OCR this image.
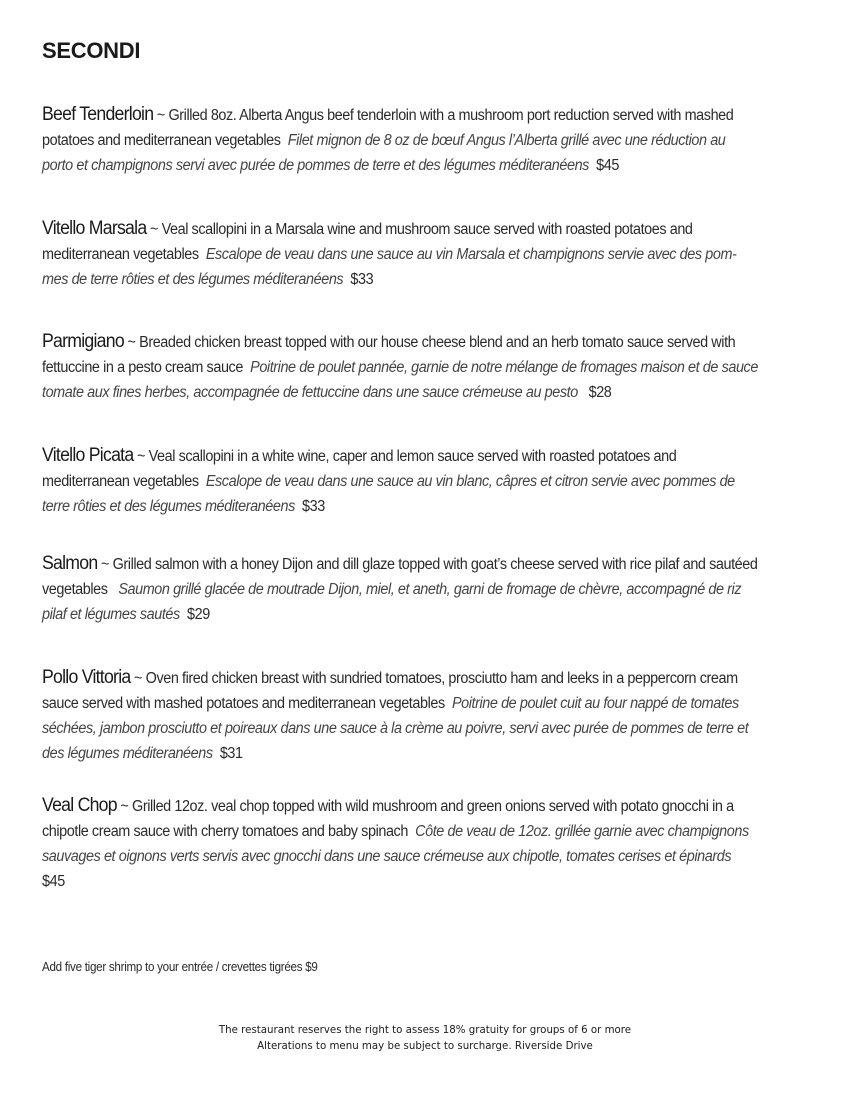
SECONDI

Beef Tenderloin ~ Grilled 8oz. Alberta Angus beef tenderloin with a mushroom port reduction served with mashed potatoes and mediterranean vegetables Filet mignon de 8 oz de bœuf Angus l’Alberta grillé avec une réduction au porto et champignons servi avec purée de pommes de terre et des légumes méditeranéens $45

Vitello Marsala ~ Veal scallopini in a Marsala wine and mushroom sauce served with roasted potatoes and mediterranean vegetables Escalope de veau dans une sauce au vin Marsala et champignons servie avec des pom-mes de terre rôties et des légumes méditeranéens $33

Parmigiano ~ Breaded chicken breast topped with our house cheese blend and an herb tomato sauce served with fettuccine in a pesto cream sauce Poitrine de poulet pannée, garnie de notre mélange de fromages maison et de sauce tomate aux fines herbes, accompagnée de fettuccine dans une sauce crémeuse au pesto $28

Vitello Picata ~ Veal scallopini in a white wine, caper and lemon sauce served with roasted potatoes and mediterranean vegetables Escalope de veau dans une sauce au vin blanc, câpres et citron servie avec pommes de terre rôties et des légumes méditeranéens $33

Salmon ~ Grilled salmon with a honey Dijon and dill glaze topped with goat’s cheese served with rice pilaf and sautéed vegetables Saumon grillé glacée de moutrade Dijon, miel, et aneth, garni de fromage de chèvre, accompagné de riz pilaf et légumes sautés $29

Pollo Vittoria ~ Oven fired chicken breast with sundried tomatoes, prosciutto ham and leeks in a peppercorn cream sauce served with mashed potatoes and mediterranean vegetables Poitrine de poulet cuit au four nappé de tomates séchées, jambon prosciutto et poireaux dans une sauce à la crème au poivre, servi avec purée de pommes de terre et des légumes méditeranéens $31

Veal Chop ~ Grilled 12oz. veal chop topped with wild mushroom and green onions served with potato gnocchi in a chipotle cream sauce with cherry tomatoes and baby spinach Côte de veau de 12oz. grillée garnie avec champignons sauvages et oignons verts servis avec gnocchi dans une sauce crémeuse aux chipotle, tomates cerises et épinards  $45

Add five tiger shrimp to your entrée / crevettes tigrées $9

The restaurant reserves the right to assess 18% gratuity for groups of 6 or more

Alterations to menu may be subject to surcharge. Riverside Drive
